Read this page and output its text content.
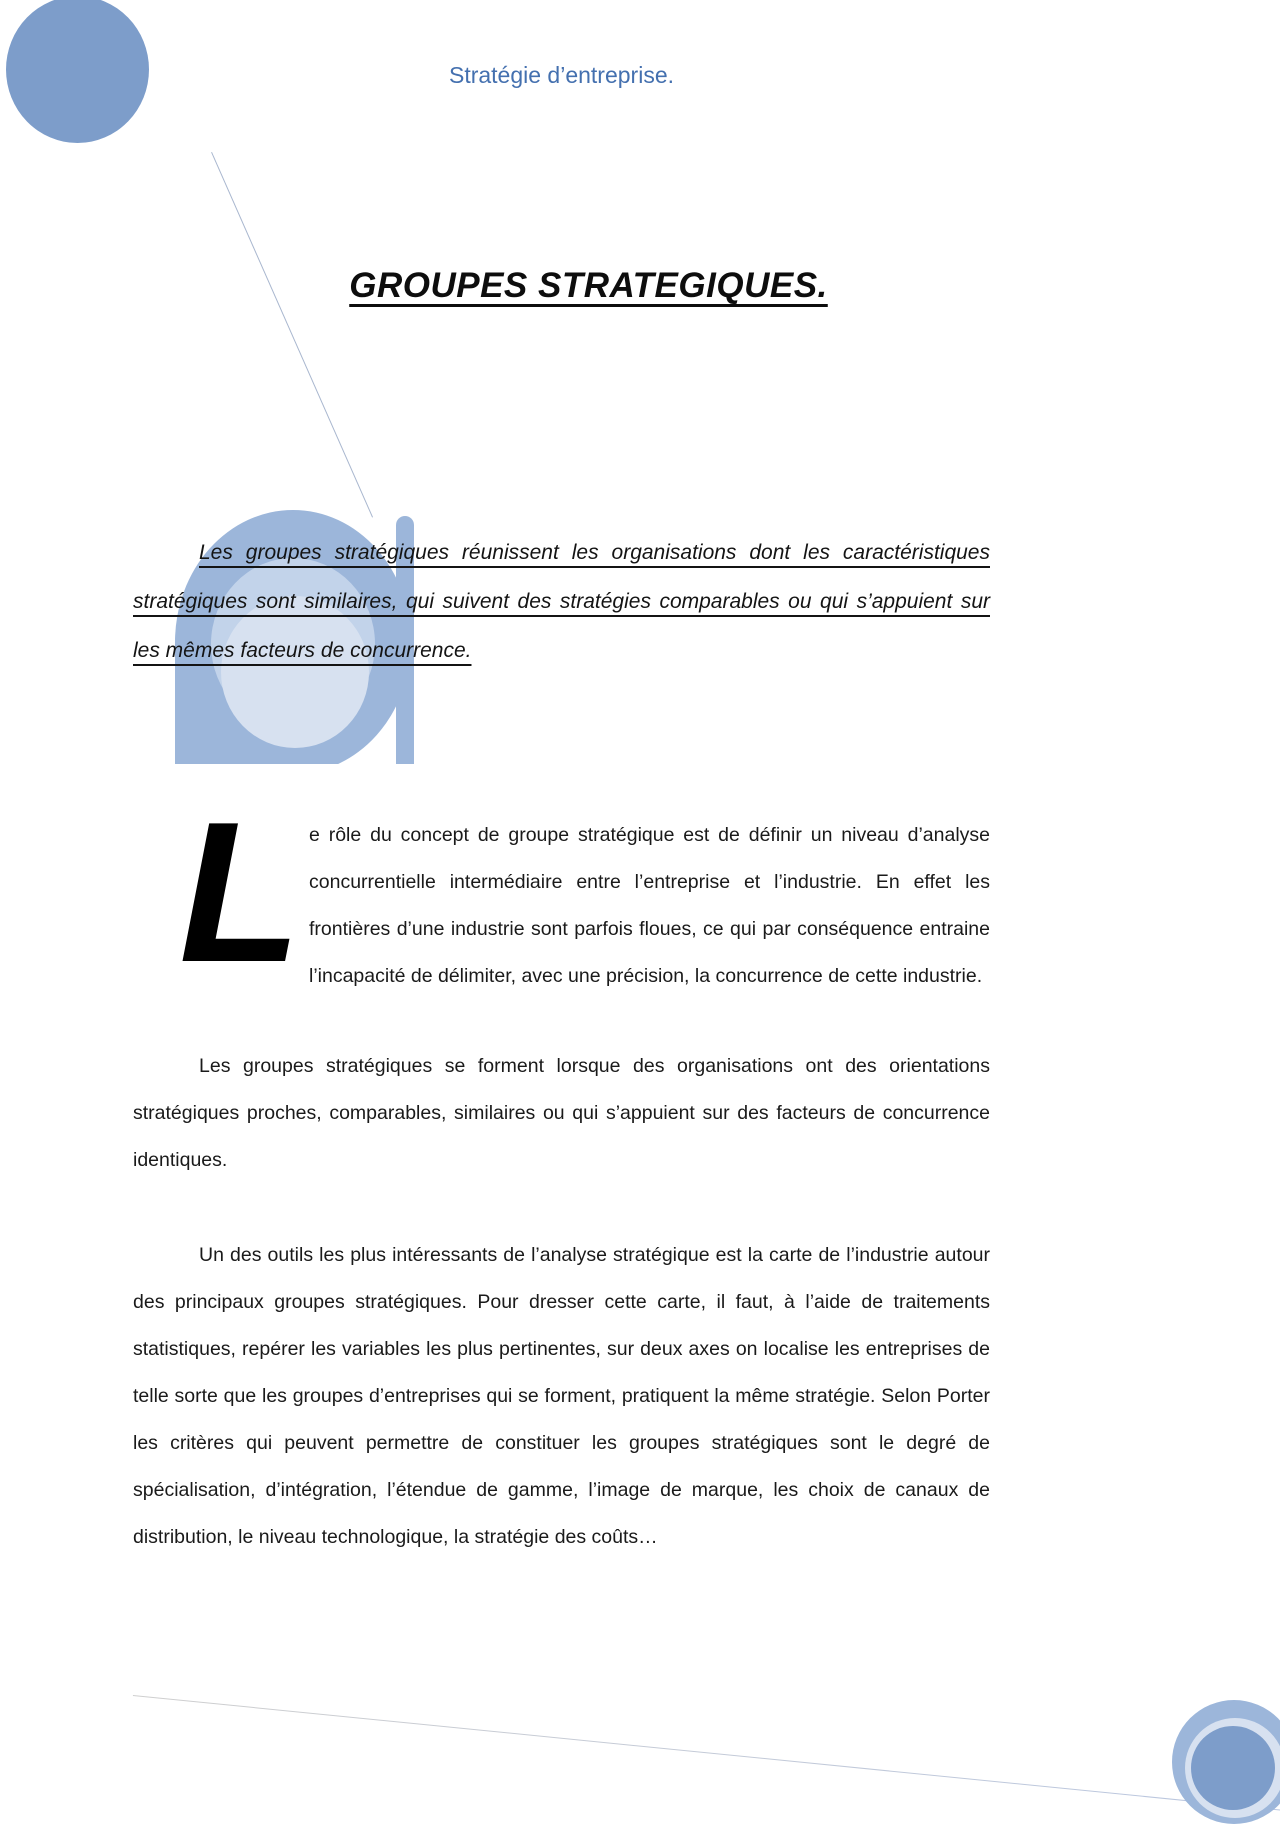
Stratégie d’entreprise.
GROUPES STRATEGIQUES.
Les groupes stratégiques réunissent les organisations dont les caractéristiques stratégiques sont similaires, qui suivent des stratégies comparables ou qui s’appuient sur les mêmes facteurs de concurrence.
Le rôle du concept de groupe stratégique est de définir un niveau d’analyse concurrentielle intermédiaire entre l’entreprise et l’industrie. En effet les frontières d’une industrie sont parfois floues, ce qui par conséquence entraine l’incapacité de délimiter, avec une précision, la concurrence de cette industrie.
Les groupes stratégiques se forment lorsque des organisations ont des orientations stratégiques proches, comparables, similaires ou qui s’appuient sur des facteurs de concurrence identiques.
Un des outils les plus intéressants de l’analyse stratégique est la carte de l’industrie autour des principaux groupes stratégiques. Pour dresser cette carte, il faut, à l’aide de traitements statistiques, repérer les variables les plus pertinentes, sur deux axes on localise les entreprises de telle sorte que les groupes d’entreprises qui se forment, pratiquent la même stratégie. Selon Porter les critères qui peuvent permettre de constituer les groupes stratégiques sont le degré de spécialisation, d’intégration, l’étendue de gamme, l’image de marque, les choix de canaux de distribution, le niveau technologique, la stratégie des coûts…
